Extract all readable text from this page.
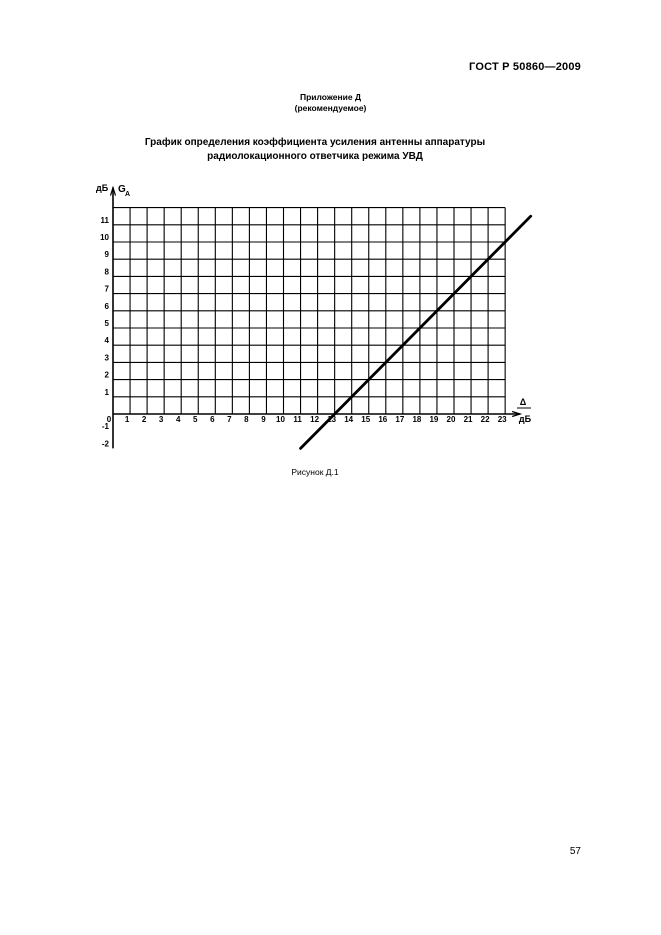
ГОСТ Р 50860—2009
Приложение Д
(рекомендуемое)
График определения коэффициента усиления антенны аппаратуры
радиолокационного ответчика режима УВД
0 1 2 3 4 5 6 7 8 9 10 11 12 13 14 15 16 17 18 19 20 21 22 23
11
10
9
8
7
6
5
4
3
2
1
-1
-2
дБ G A
Δ
дБ
Рисунок Д.1
57
